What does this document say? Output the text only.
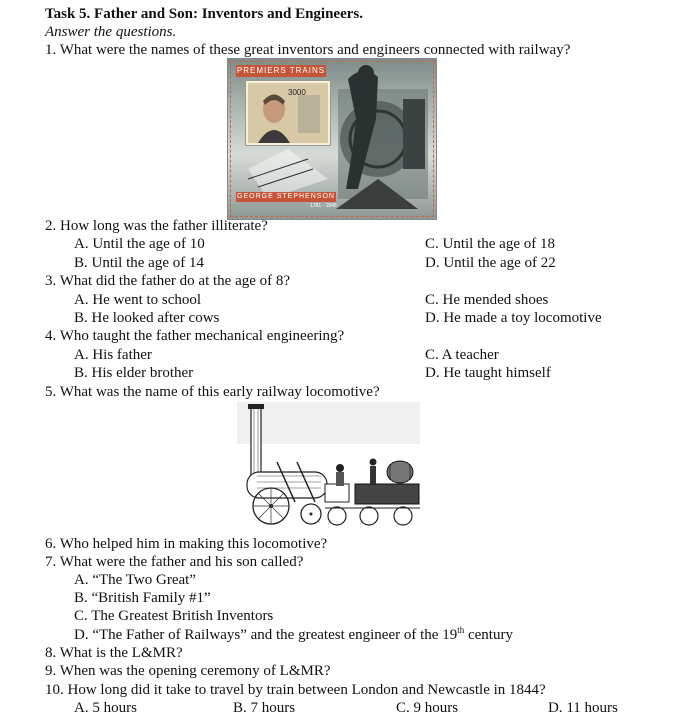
Task 5. Father and Son: Inventors and Engineers.
Answer the questions.
1. What were the names of these great inventors and engineers connected with railway?
PREMIERS TRAINS
3000
GEORGE STEPHENSON
1781 - 1848
2. How long was the father illiterate?
A. Until the age of 10	C. Until the age of 18
B. Until the age of 14	D. Until the age of 22
3. What did the father do at the age of 8?
A. He went to school	C. He mended shoes
B. He looked after cows	D. He made a toy locomotive
4. Who taught the father mechanical engineering?
A. His father	C. A teacher
B. His elder brother	D. He taught himself
5. What was the name of this early railway locomotive?
6. Who helped him in making this locomotive?
7. What were the father and his son called?
A. “The Two Great”
B. “British Family #1”
C. The Greatest British Inventors
D. “The Father of Railways” and the greatest engineer of the 19th century
8. What is the L&MR?
9. When was the opening ceremony of L&MR?
10. How long did it take to travel by train between London and Newcastle in 1844?
A. 5 hours	B. 7 hours	C. 9 hours	D. 11 hours
